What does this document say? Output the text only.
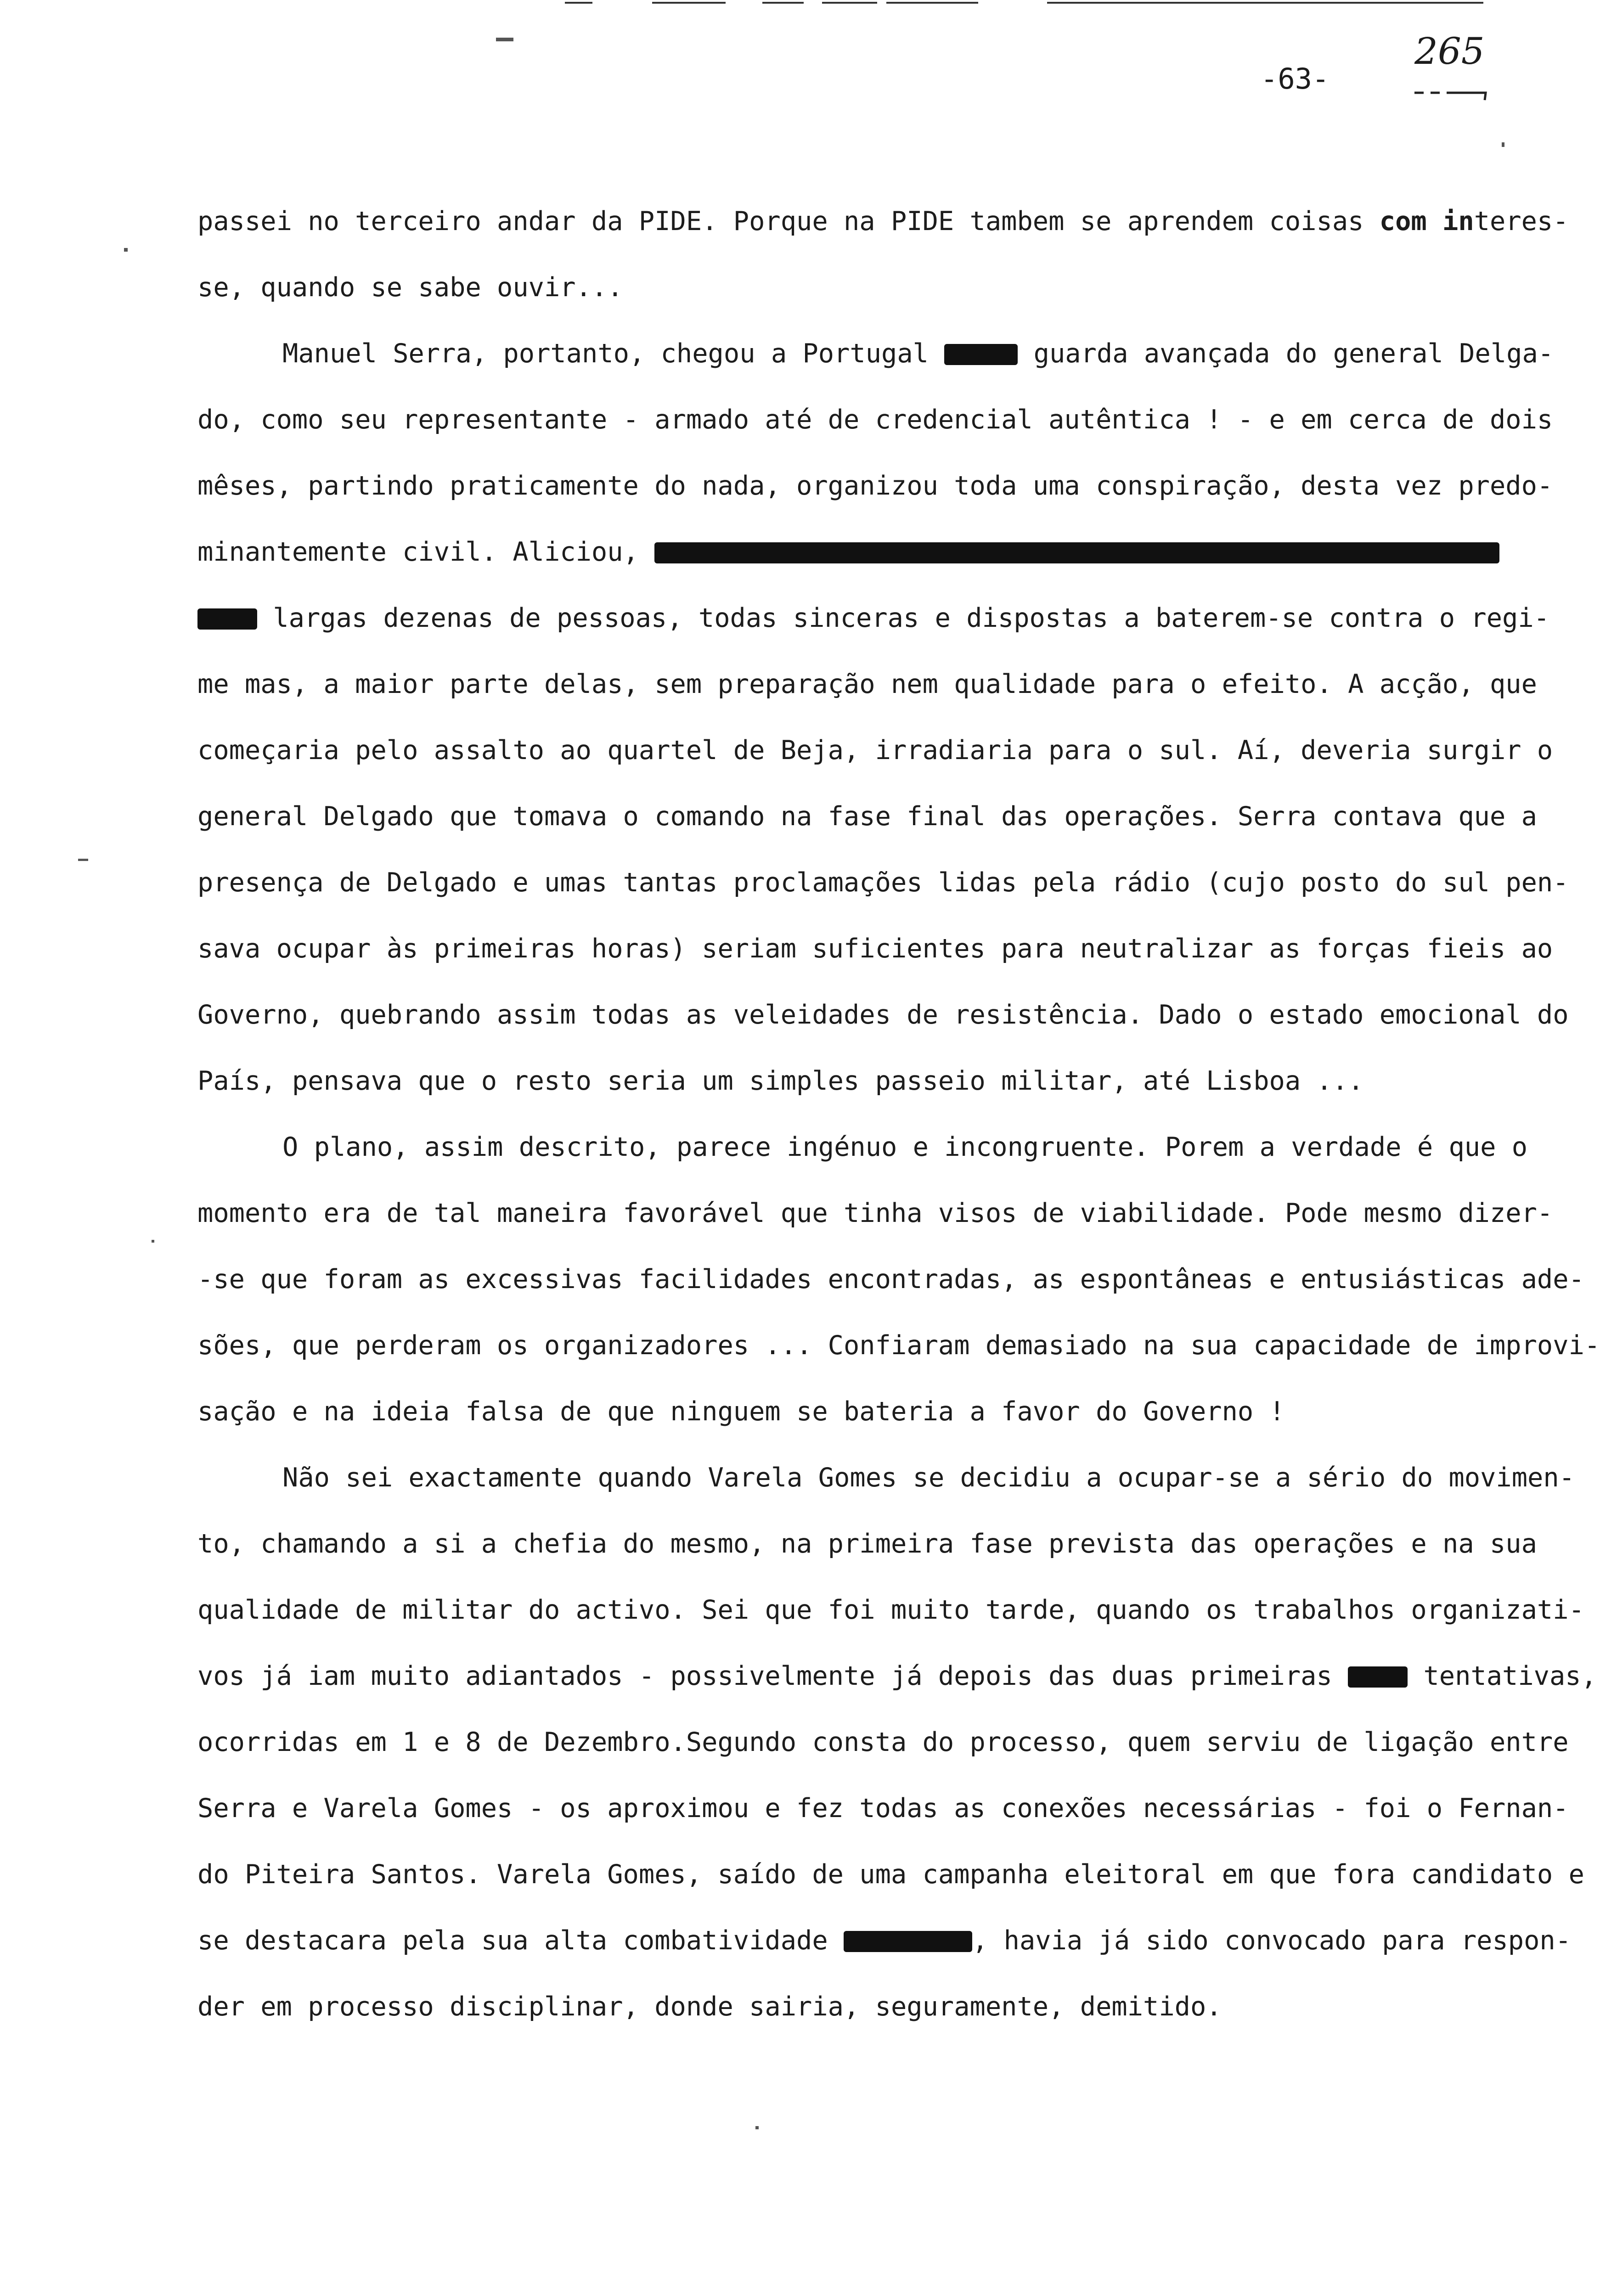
-63-
265
passei no terceiro andar da PIDE. Porque na PIDE tambem se aprendem coisas com interes-
se, quando se sabe ouvir...
Manuel Serra, portanto, chegou a Portugal	guarda avançada do general Delga-
do, como seu representante - armado até de credencial autêntica ! - e em cerca de dois
mêses, partindo praticamente do nada, organizou toda uma conspiração, desta vez predo-
minantemente civil. Aliciou,
largas dezenas de pessoas, todas sinceras e dispostas a baterem-se contra o regi-
me mas, a maior parte delas, sem preparação nem qualidade para o efeito. A acção, que
começaria pelo assalto ao quartel de Beja, irradiaria para o sul. Aí, deveria surgir o
general Delgado que tomava o comando na fase final das operações. Serra contava que a
presença de Delgado e umas tantas proclamações lidas pela rádio (cujo posto do sul pen-
sava ocupar às primeiras horas) seriam suficientes para neutralizar as forças fieis ao
Governo, quebrando assim todas as veleidades de resistência. Dado o estado emocional do
País, pensava que o resto seria um simples passeio militar, até Lisboa ...
O plano, assim descrito, parece ingénuo e incongruente. Porem a verdade é que o
momento era de tal maneira favorável que tinha visos de viabilidade. Pode mesmo dizer-
-se que foram as excessivas facilidades encontradas, as espontâneas e entusiásticas ade-
sões, que perderam os organizadores ... Confiaram demasiado na sua capacidade de improvi-
sação e na ideia falsa de que ninguem se bateria a favor do Governo !
Não sei exactamente quando Varela Gomes se decidiu a ocupar-se a sério do movimen-
to, chamando a si a chefia do mesmo, na primeira fase prevista das operações e na sua
qualidade de militar do activo. Sei que foi muito tarde, quando os trabalhos organizati-
vos já iam muito adiantados - possivelmente já depois das duas primeiras  tentativas,
ocorridas em 1 e 8 de Dezembro.Segundo consta do processo, quem serviu de ligação entre
Serra e Varela Gomes - os aproximou e fez todas as conexões necessárias - foi o Fernan-
do Piteira Santos. Varela Gomes, saído de uma campanha eleitoral em que fora candidato e
se destacara pela sua alta combatividade	, havia já sido convocado para respon-
der em processo disciplinar, donde sairia, seguramente, demitido.
